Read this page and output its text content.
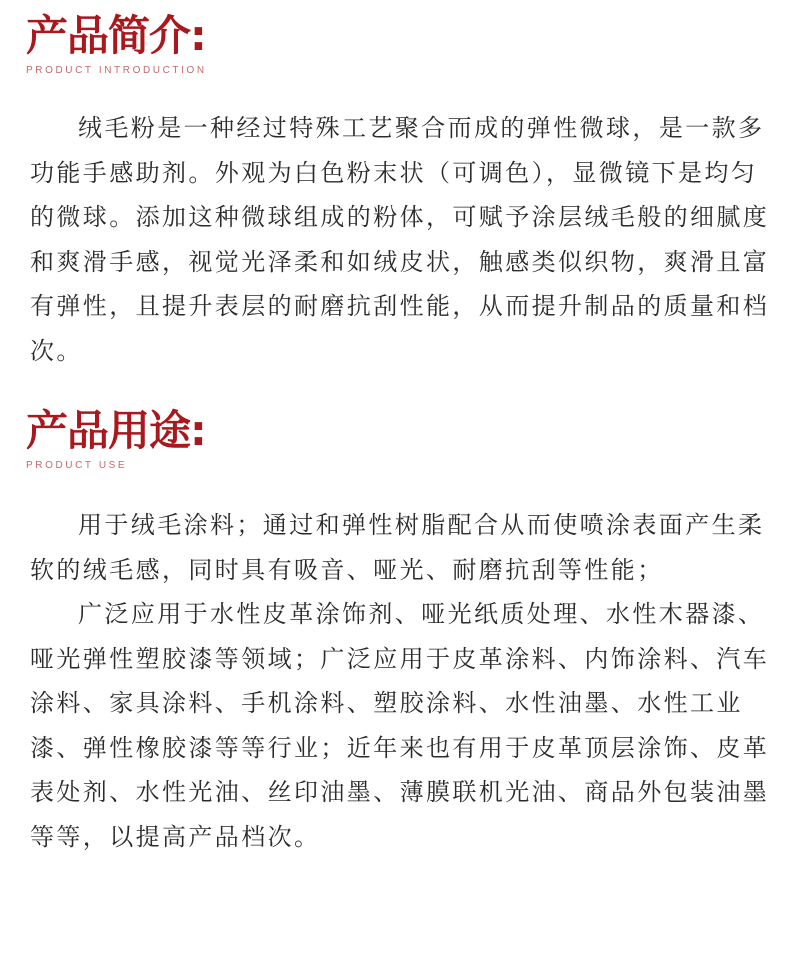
产品简介:
PRODUCT INTRODUCTION

绒毛粉是一种经过特殊工艺聚合而成的弹性微球，是一款多功能手感助剂。外观为白色粉末状（可调色），显微镜下是均匀的微球。添加这种微球组成的粉体，可赋予涂层绒毛般的细腻度和爽滑手感，视觉光泽柔和如绒皮状，触感类似织物，爽滑且富有弹性，且提升表层的耐磨抗刮性能，从而提升制品的质量和档次。

产品用途:
PRODUCT USE

用于绒毛涂料；通过和弹性树脂配合从而使喷涂表面产生柔软的绒毛感，同时具有吸音、哑光、耐磨抗刮等性能；

广泛应用于水性皮革涂饰剂、哑光纸质处理、水性木器漆、哑光弹性塑胶漆等领域；广泛应用于皮革涂料、内饰涂料、汽车涂料、家具涂料、手机涂料、塑胶涂料、水性油墨、水性工业漆、弹性橡胶漆等等行业；近年来也有用于皮革顶层涂饰、皮革表处剂、水性光油、丝印油墨、薄膜联机光油、商品外包装油墨等等，以提高产品档次。
